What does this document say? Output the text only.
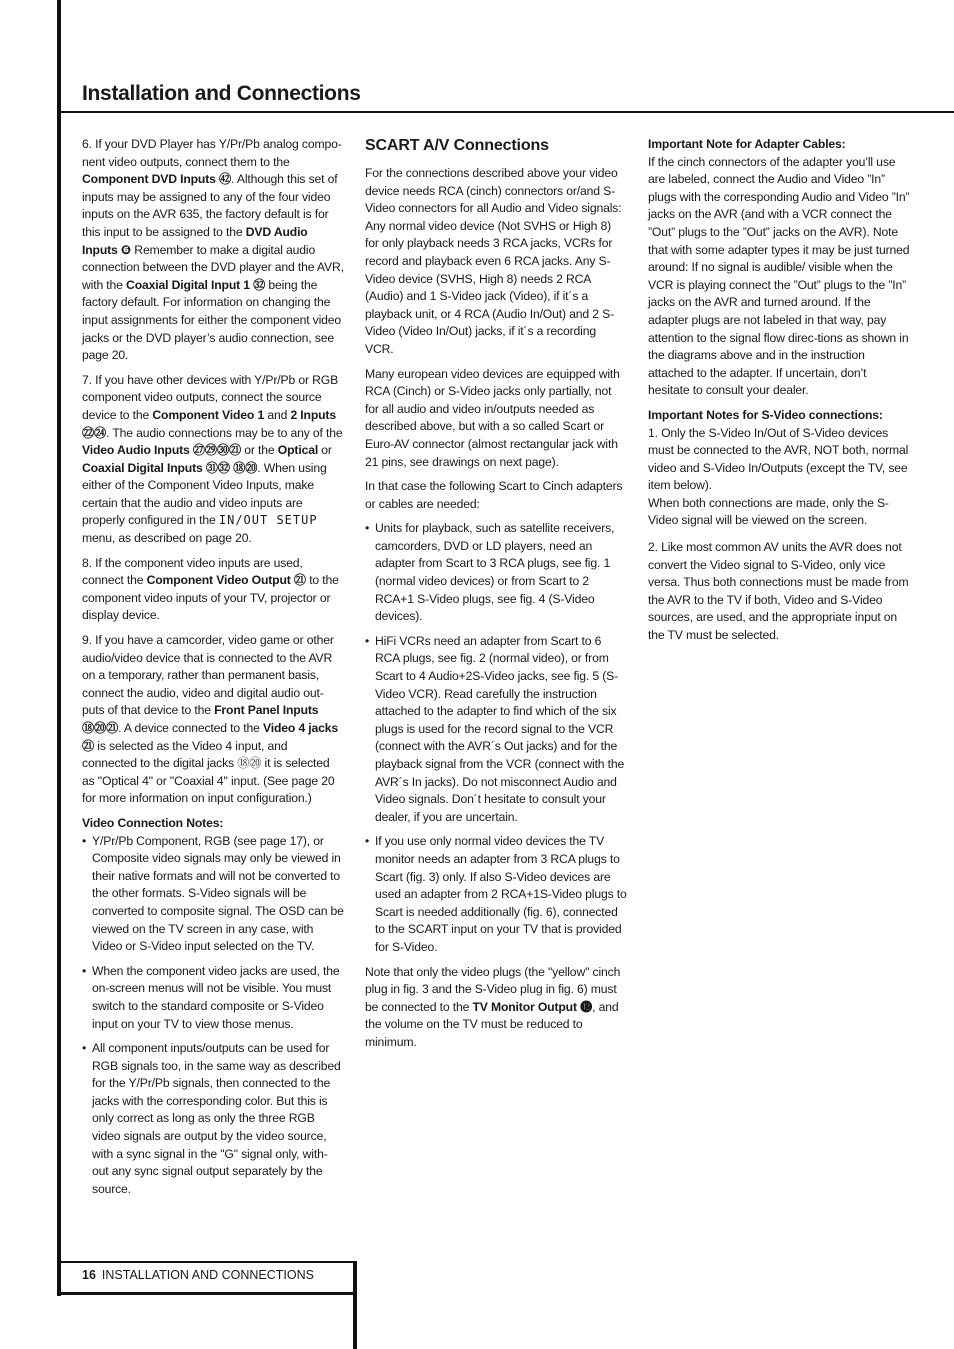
Installation and Connections

6. If your DVD Player has Y/Pr/Pb analog compo-nent video outputs, connect them to the Component DVD Inputs ㊷. Although this set of inputs may be assigned to any of the four video inputs on the AVR 635, the factory default is for this input to be assigned to the DVD Audio Inputs ❻ Remember to make a digital audio connection between the DVD player and the AVR, with the Coaxial Digital Input 1 ㉜ being the factory default. For information on changing the input assignments for either the component video jacks or the DVD player’s audio connection, see page 20.

7. If you have other devices with Y/Pr/Pb or RGB component video outputs, connect the source device to the Component Video 1 and 2 Inputs ㉒㉔. The audio connections may be to any of the Video Audio Inputs ㉗㉙㉚㉑ or the Optical or Coaxial Digital Inputs ㉛㉜ ⑱⑳. When using either of the Component Video Inputs, make certain that the audio and video inputs are properly configured in the IN/OUT SETUP menu, as described on page 20.

8. If the component video inputs are used, connect the Component Video Output ㉑ to the component video inputs of your TV, projector or display device.

9. If you have a camcorder, video game or other audio/video device that is connected to the AVR on a temporary, rather than permanent basis, connect the audio, video and digital audio out-puts of that device to the Front Panel Inputs ⑱⑳㉑. A device connected to the Video 4 jacks ㉑ is selected as the Video 4 input, and connected to the digital jacks ⑱⑳ it is selected as "Optical 4" or "Coaxial 4" input. (See page 20 for more information on input configuration.)

Video Connection Notes:
• Y/Pr/Pb Component, RGB (see page 17), or Composite video signals may only be viewed in their native formats and will not be converted to the other formats. S-Video signals will be converted to composite signal. The OSD can be viewed on the TV screen in any case, with Video or S-Video input selected on the TV.
• When the component video jacks are used, the on-screen menus will not be visible. You must switch to the standard composite or S-Video input on your TV to view those menus.
• All component inputs/outputs can be used for RGB signals too, in the same way as described for the Y/Pr/Pb signals, then connected to the jacks with the corresponding color. But this is only correct as long as only the three RGB video signals are output by the video source, with a sync signal in the "G" signal only, with-out any sync signal output separately by the source.
SCART A/V Connections

For the connections described above your video device needs RCA (cinch) connectors or/and S-Video connectors for all Audio and Video signals: Any normal video device (Not SVHS or High 8) for only playback needs 3 RCA jacks, VCRs for record and playback even 6 RCA jacks. Any S-Video device (SVHS, High 8) needs 2 RCA (Audio) and 1 S-Video jack (Video), if it´s a playback unit, or 4 RCA (Audio In/Out) and 2 S-Video (Video In/Out) jacks, if it´s a recording VCR.

Many european video devices are equipped with RCA (Cinch) or S-Video jacks only partially, not for all audio and video in/outputs needed as described above, but with a so called Scart or Euro-AV connector (almost rectangular jack with 21 pins, see drawings on next page).

In that case the following Scart to Cinch adapters or cables are needed:

• Units for playback, such as satellite receivers, camcorders, DVD or LD players, need an adapter from Scart to 3 RCA plugs, see fig. 1 (normal video devices) or from Scart to 2 RCA+1 S-Video plugs, see fig. 4 (S-Video devices).
• HiFi VCRs need an adapter from Scart to 6 RCA plugs, see fig. 2 (normal video), or from Scart to 4 Audio+2S-Video jacks, see fig. 5 (S-Video VCR). Read carefully the instruction attached to the adapter to find which of the six plugs is used for the record signal to the VCR (connect with the AVR´s Out jacks) and for the playback signal from the VCR (connect with the AVR´s In jacks). Do not misconnect Audio and Video signals. Don´t hesitate to consult your dealer, if you are uncertain.
• If you use only normal video devices the TV monitor needs an adapter from 3 RCA plugs to Scart (fig. 3) only. If also S-Video devices are used an adapter from 2 RCA+1S-Video plugs to Scart is needed additionally (fig. 6), connected to the SCART input on your TV that is provided for S-Video.

Note that only the video plugs (the "yellow" cinch plug in fig. 3 and the S-Video plug in fig. 6) must be connected to the TV Monitor Output ⓬, and the volume on the TV must be reduced to minimum.

Important Note for Adapter Cables:

If the cinch connectors of the adapter you’ll use are labeled, connect the Audio and Video ”In” plugs with the corresponding Audio and Video ”In” jacks on the AVR (and with a VCR connect the ”Out” plugs to the ”Out” jacks on the AVR). Note that with some adapter types it may be just turned around: If no signal is audible/ visible when the VCR is playing connect the ”Out” plugs to the ”In” jacks on the AVR and turned around. If the adapter plugs are not labeled in that way, pay attention to the signal flow direc-tions as shown in the diagrams above and in the instruction attached to the adapter. If uncertain, don’t hesitate to consult your dealer.

Important Notes for S-Video connections:

1. Only the S-Video In/Out of S-Video devices must be connected to the AVR, NOT both, normal video and S-Video In/Outputs (except the TV, see item below).
When both connections are made, only the S-Video signal will be viewed on the screen.

2. Like most common AV units the AVR does not convert the Video signal to S-Video, only vice versa. Thus both connections must be made from the AVR to the TV if both, Video and S-Video sources, are used, and the appropriate input on the TV must be selected.

16 INSTALLATION AND CONNECTIONS
